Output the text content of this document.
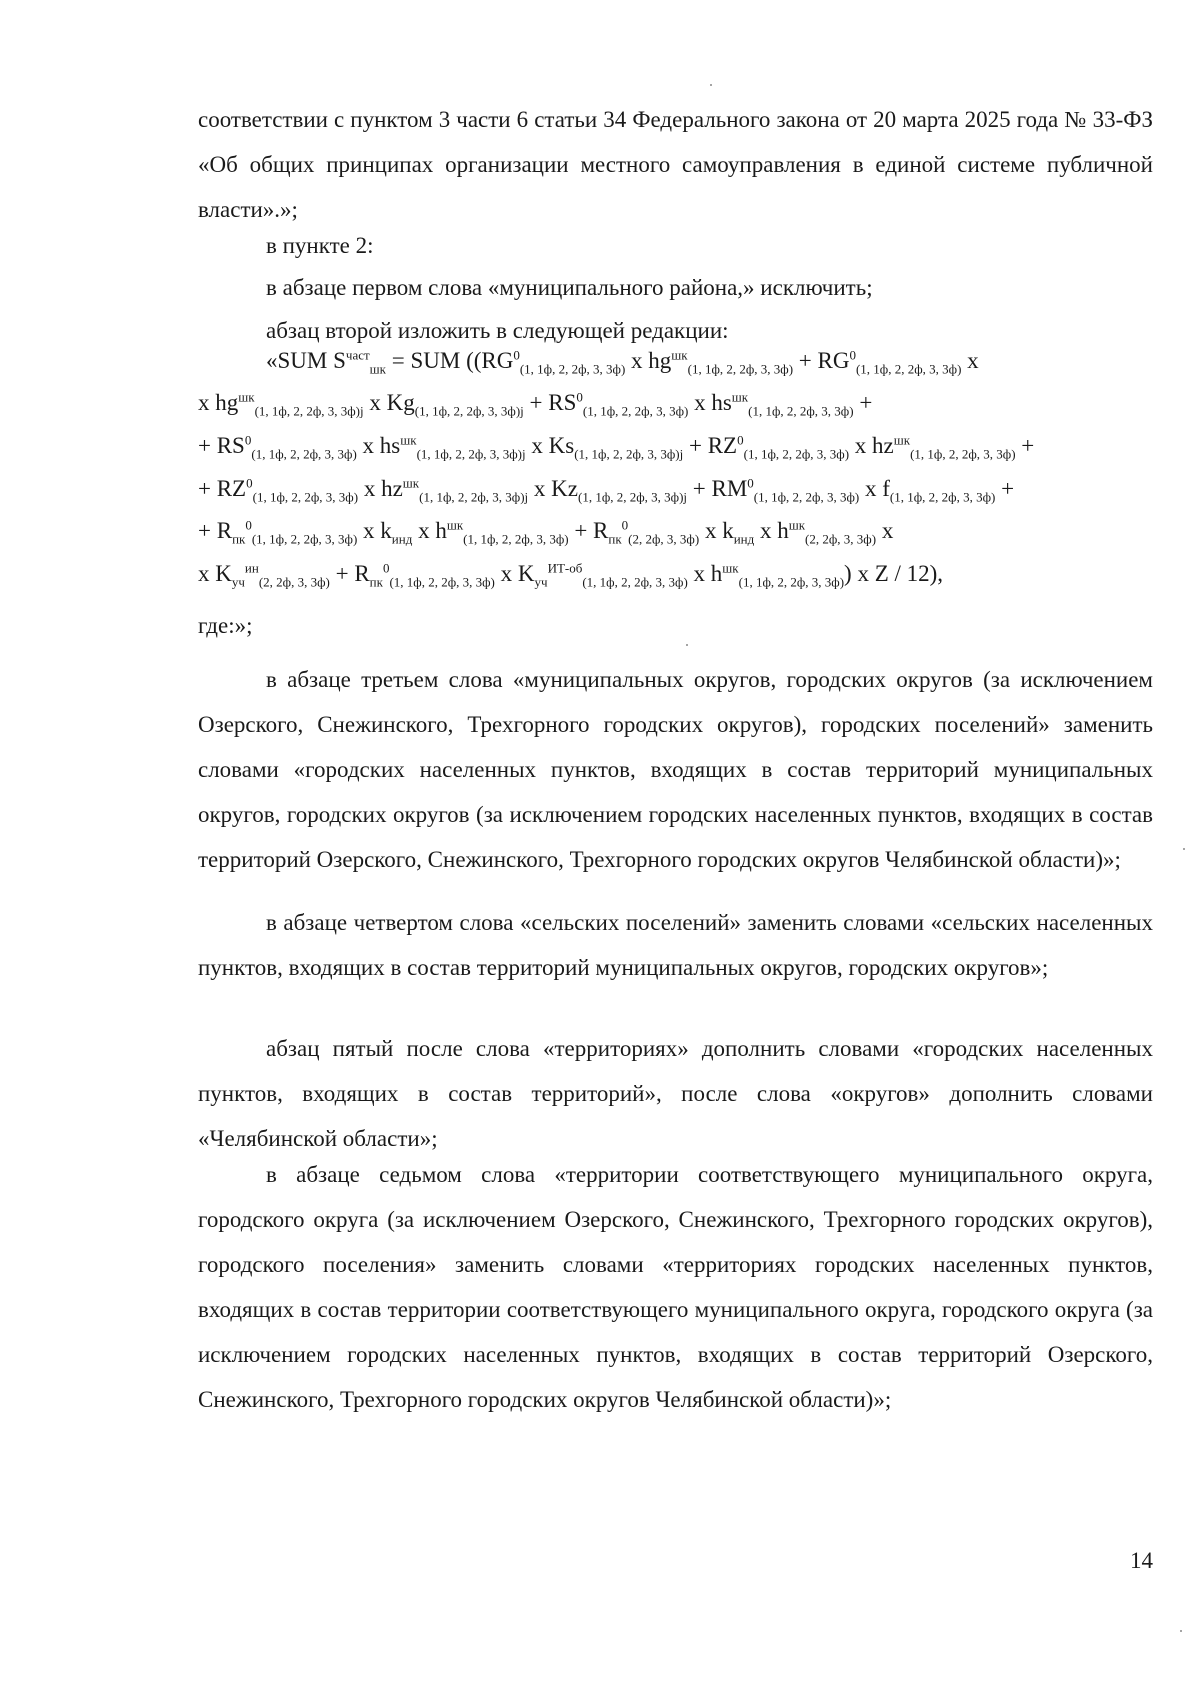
соответствии с пунктом 3 части 6 статьи 34 Федерального закона от 20 марта 2025 года № 33-ФЗ «Об общих принципах организации местного самоуправления в единой системе публичной власти».»;

в пункте 2:

в абзаце первом слова «муниципального района,» исключить;

абзац второй изложить в следующей редакции:

«SUM $S^{част}_{шк}$ = SUM (($RG^0_{(1, 1ф, 2, 2ф, 3, 3ф)}$ x $hg^{шк}_{(1, 1ф, 2, 2ф, 3, 3ф)} + RG^0_{(1, 1ф, 2, 2ф, 3, 3ф)}$ x
x $hg^{шк}_{(1, 1ф, 2, 2ф, 3, 3ф)j}$ x $Kg_{(1, 1ф, 2, 2ф, 3, 3ф)j} + RS^0_{(1, 1ф, 2, 2ф, 3, 3ф)}$ x $hs^{шк}_{(1, 1ф, 2, 2ф, 3, 3ф)}$ +
+ $RS^0_{(1, 1ф, 2, 2ф, 3, 3ф)}$ x $hs^{шк}_{(1, 1ф, 2, 2ф, 3, 3ф)j}$ x $Ks_{(1, 1ф, 2, 2ф, 3, 3ф)j} + RZ^0_{(1, 1ф, 2, 2ф, 3, 3ф)}$ x $hz^{шк}_{(1, 1ф, 2, 2ф, 3, 3ф)}$ +
+ $RZ^0_{(1, 1ф, 2, 2ф, 3, 3ф)}$ x $hz^{шк}_{(1, 1ф, 2, 2ф, 3, 3ф)j}$ x $Kz_{(1, 1ф, 2, 2ф, 3, 3ф)j} + RM^0_{(1, 1ф, 2, 2ф, 3, 3ф)}$ x $f_{(1, 1ф, 2, 2ф, 3, 3ф)}$ +
+ $R_{пк}^0_{(1, 1ф, 2, 2ф, 3, 3ф)}$ x $k_{инд}$ x $h^{шк}_{(1, 1ф, 2, 2ф, 3, 3ф)} + R_{пк}^0_{(2, 2ф, 3, 3ф)}$ x $k_{инд}$ x $h^{шк}_{(2, 2ф, 3, 3ф)}$ x
x $K_{уч}^{ин}_{(2, 2ф, 3, 3ф)} + R_{пк}^0_{(1, 1ф, 2, 2ф, 3, 3ф)}$ x $K_{уч}^{ИТ-об}_{(1, 1ф, 2, 2ф, 3, 3ф)}$ x $h^{шк}_{(1, 1ф, 2, 2ф, 3, 3ф)}$) x Z / 12),

где:»;

в абзаце третьем слова «муниципальных округов, городских округов (за исключением Озерского, Снежинского, Трехгорного городских округов), городских поселений» заменить словами «городских населенных пунктов, входящих в состав территорий муниципальных округов, городских округов (за исключением городских населенных пунктов, входящих в состав территорий Озерского, Снежинского, Трехгорного городских округов Челябинской области)»;

в абзаце четвертом слова «сельских поселений» заменить словами «сельских населенных пунктов, входящих в состав территорий муниципальных округов, городских округов»;

абзац пятый после слова «территориях» дополнить словами «городских населенных пунктов, входящих в состав территорий», после слова «округов» дополнить словами «Челябинской области»;

в абзаце седьмом слова «территории соответствующего муниципального округа, городского округа (за исключением Озерского, Снежинского, Трехгорного городских округов), городского поселения» заменить словами «территориях городских населенных пунктов, входящих в состав территории соответствующего муниципального округа, городского округа (за исключением городских населенных пунктов, входящих в состав территорий Озерского, Снежинского, Трехгорного городских округов Челябинской области)»;

14
